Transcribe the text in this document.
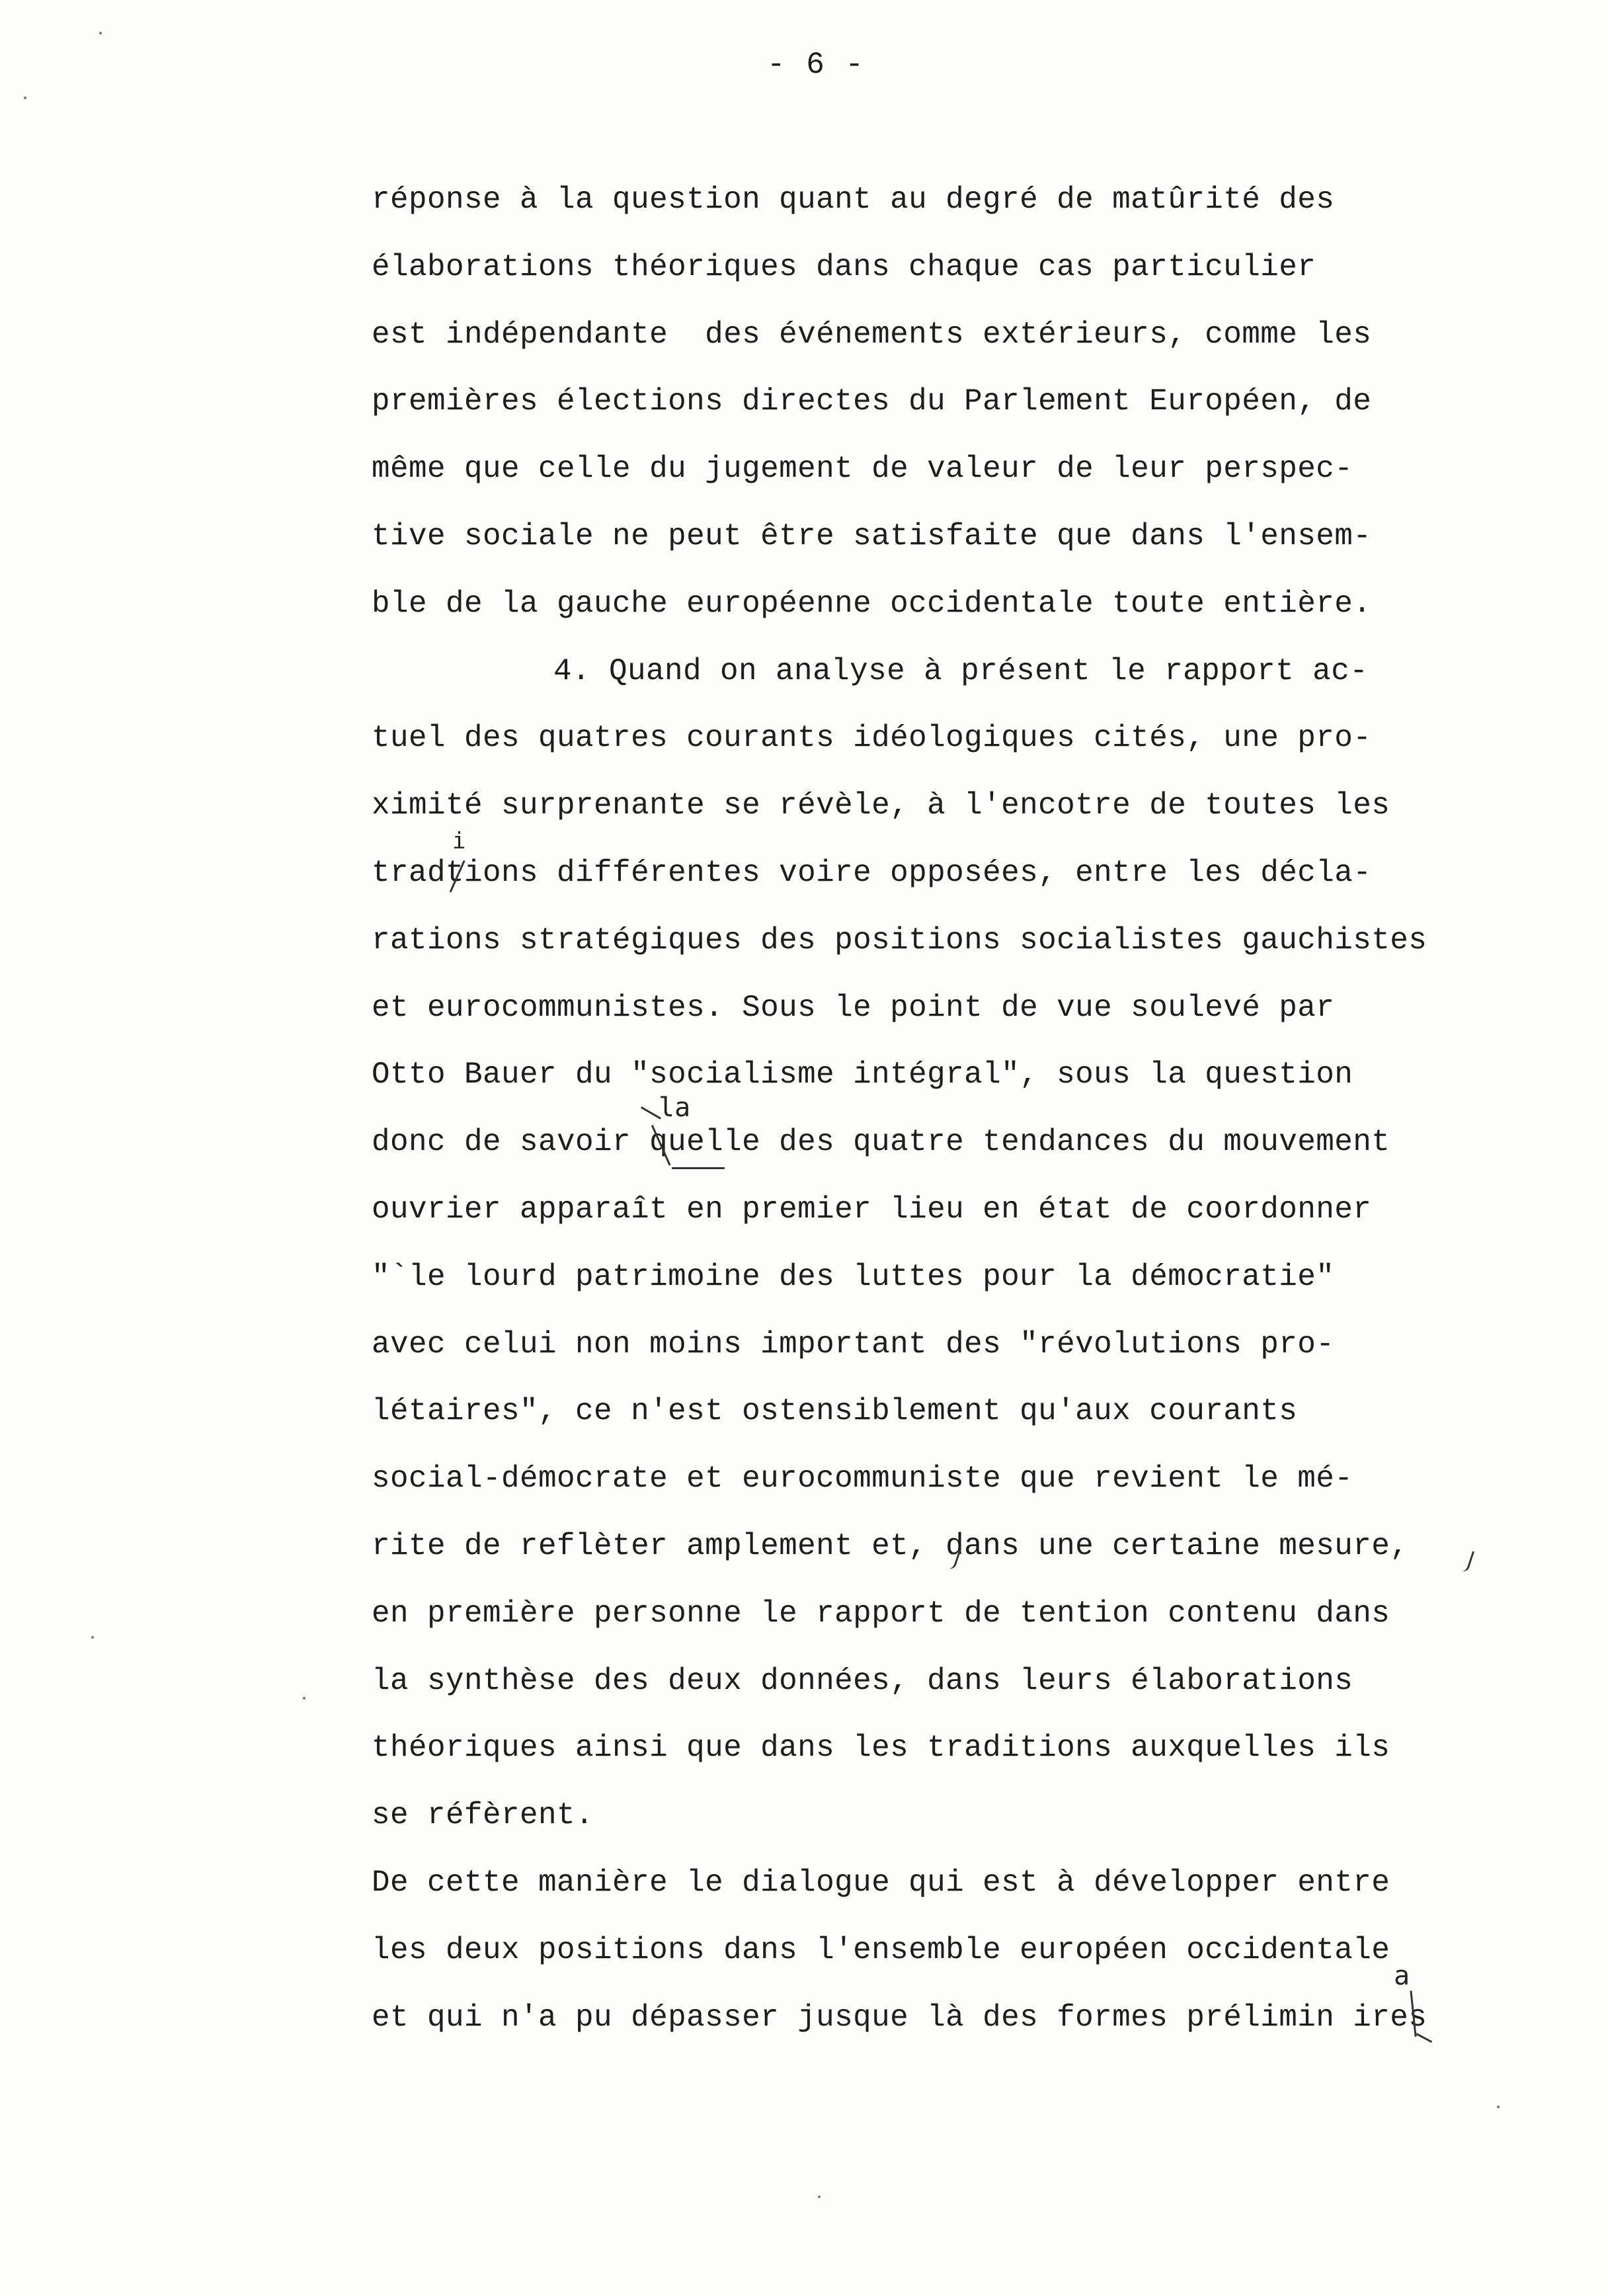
- 6 -
réponse à la question quant au degré de matûrité des
élaborations théoriques dans chaque cas particulier
est indépendante  des événements extérieurs, comme les
premières élections directes du Parlement Européen, de
même que celle du jugement de valeur de leur perspec-
tive sociale ne peut être satisfaite que dans l'ensem-
ble de la gauche européenne occidentale toute entière.
4. Quand on analyse à présent le rapport ac-
tuel des quatres courants idéologiques cités, une pro-
ximité surprenante se révèle, à l'encotre de toutes les
tradtions différentes voire opposées, entre les décla-
rations stratégiques des positions socialistes gauchistes
et eurocommunistes. Sous le point de vue soulevé par
Otto Bauer du "socialisme intégral", sous la question
donc de savoir quelle des quatre tendances du mouvement
ouvrier apparaît en premier lieu en état de coordonner
"`le lourd patrimoine des luttes pour la démocratie"
avec celui non moins important des "révolutions pro-
létaires", ce n'est ostensiblement qu'aux courants
social-démocrate et eurocommuniste que revient le mé-
rite de reflèter amplement et, dans une certaine mesure,
en première personne le rapport de tention contenu dans
la synthèse des deux données, dans leurs élaborations
théoriques ainsi que dans les traditions auxquelles ils
se réfèrent.
De cette manière le dialogue qui est à développer entre
les deux positions dans l'ensemble européen occidentale
et qui n'a pu dépasser jusque là des formes prélimin ires
la
i
a
